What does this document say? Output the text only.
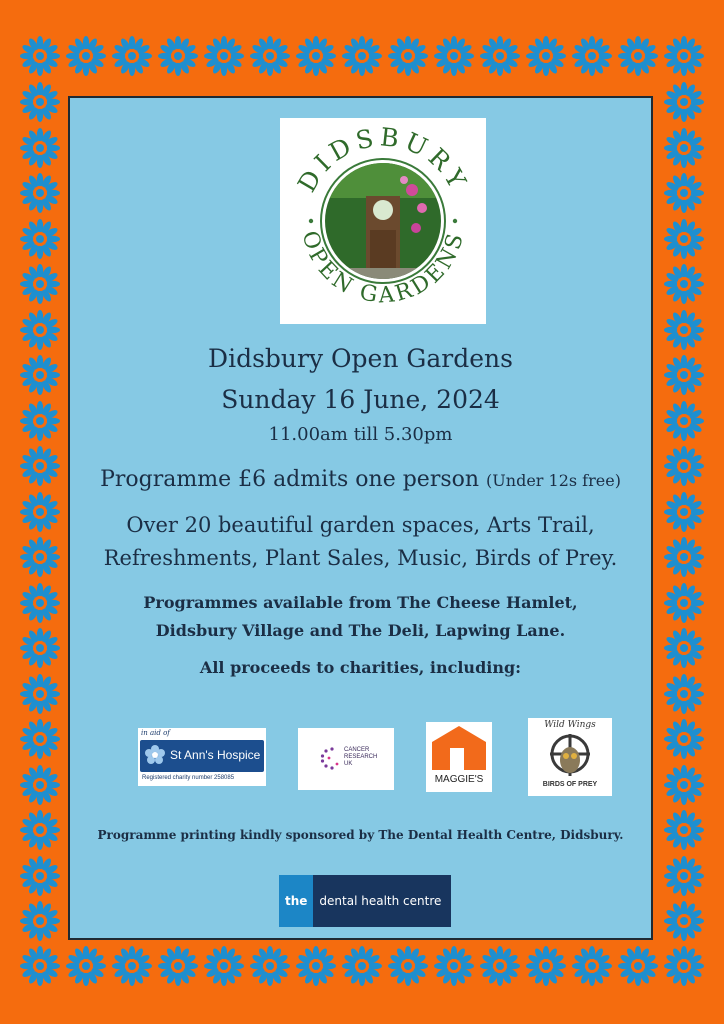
DIDSBURY
OPEN GARDENS
Didsbury Open Gardens
Sunday 16 June, 2024
11.00am till 5.30pm
Programme £6 admits one person (Under 12s free)
Over 20 beautiful garden spaces, Arts Trail,
Refreshments, Plant Sales, Music, Birds of Prey.
Programmes available from The Cheese Hamlet,
Didsbury Village and The Deli, Lapwing Lane.
All proceeds to charities, including:
in aid of
St Ann's Hospice
Registered charity number 258085
CANCER
RESEARCH
UK
MAGGIE'S
Wild Wings
BIRDS OF PREY
Programme printing kindly sponsored by The Dental Health Centre, Didsbury.
the	dental health centre
